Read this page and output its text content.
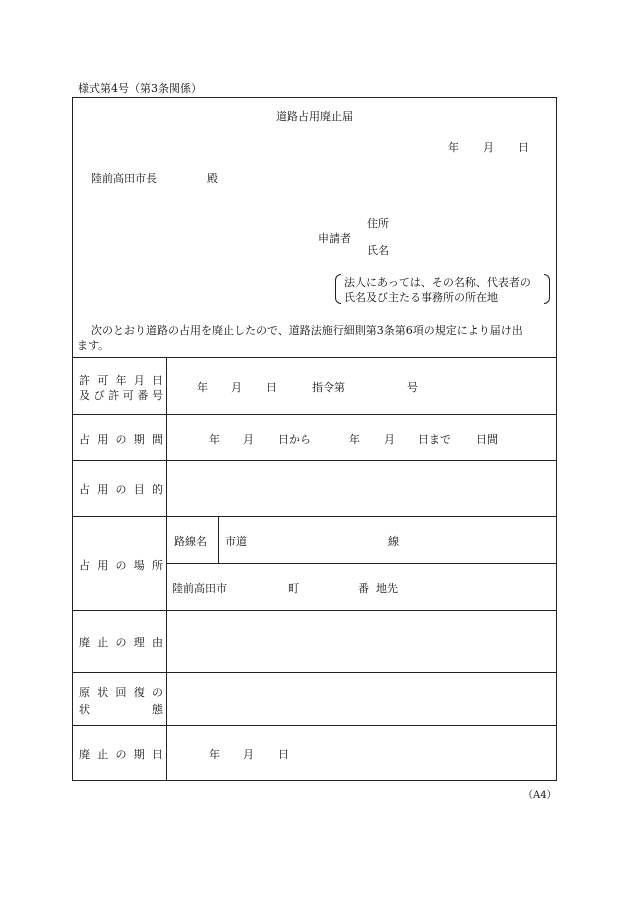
様式第4号（第3条関係）
道路占用廃止届
年 月 日
陸前高田市長	殿
住所
申請者
氏名
法人にあっては、その名称、代表者の
氏名及び主たる事務所の所在地
次のとおり道路の占用を廃止したので、道路法施行細則第3条第6項の規定により届け出
ます。
許可年月日
及び許可番号
年 月 日	指令第	号
占用の期間	年 月 日から	年 月 日まで 日間
占用の目的
占用の場所
路線名 市道	線
陸前高田市	町	番 地先
廃止の理由
原状回復の
状態
廃止の期日	年 月 日
（A4）
